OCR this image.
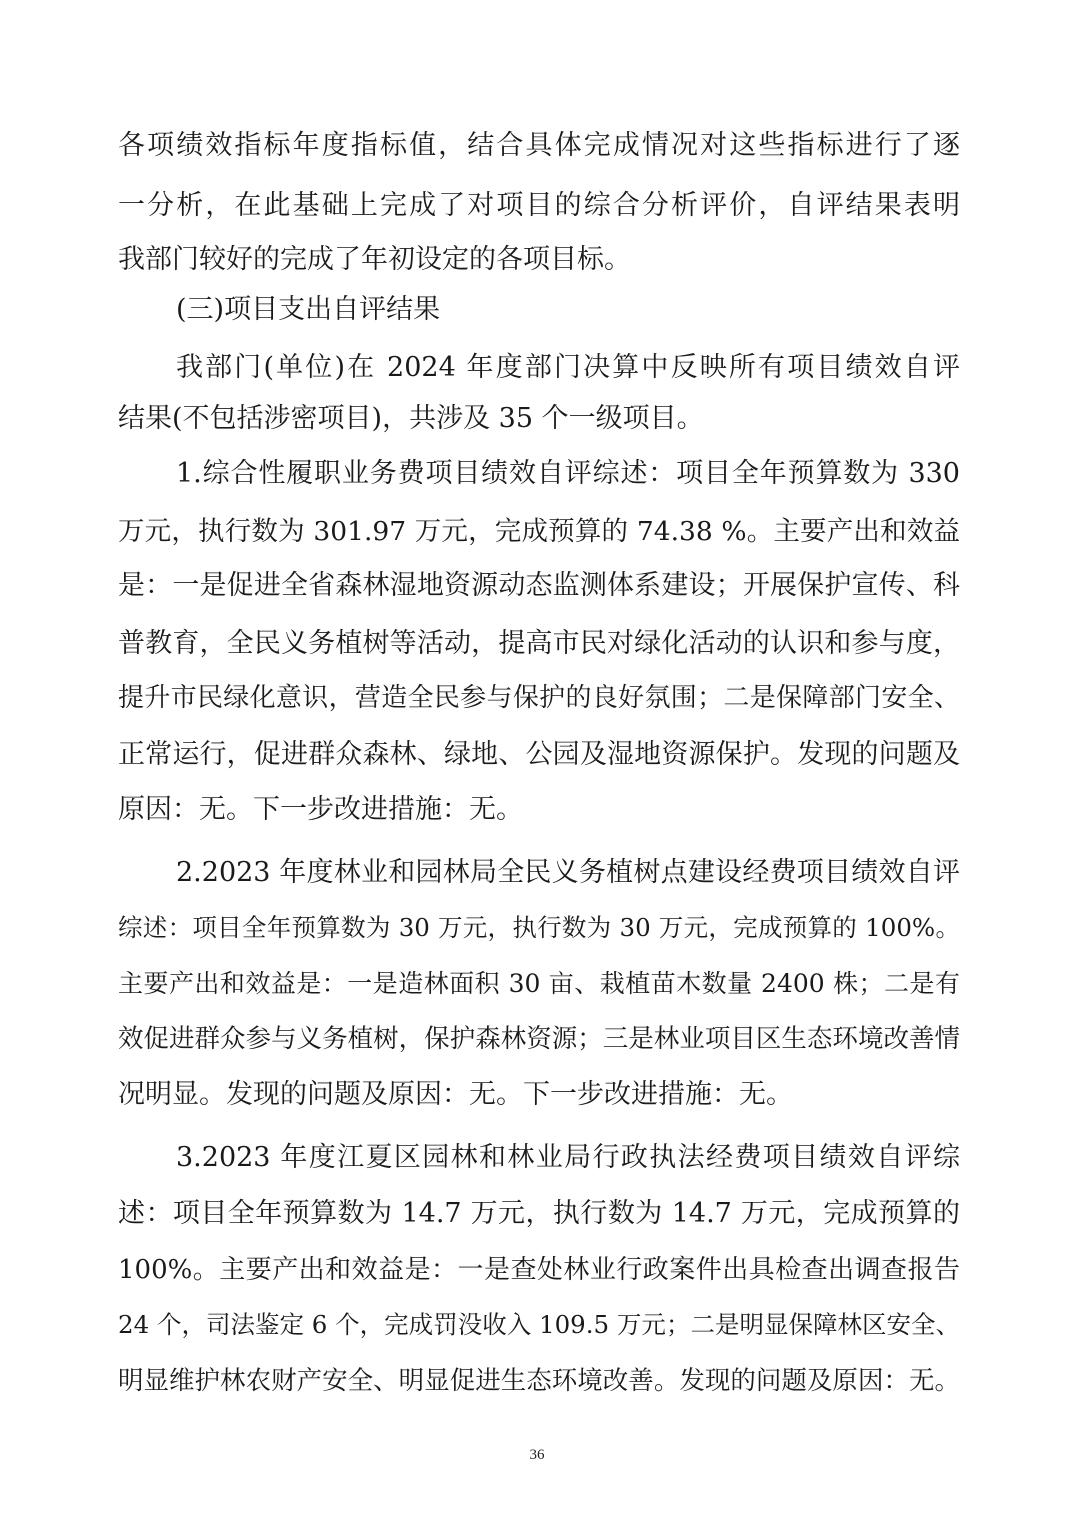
各项绩效指标年度指标值，结合具体完成情况对这些指标进行了逐
一分析，在此基础上完成了对项目的综合分析评价，自评结果表明
我部门较好的完成了年初设定的各项目标。
(三)项目支出自评结果
我部门(单位)在 2024 年度部门决算中反映所有项目绩效自评
结果(不包括涉密项目)，共涉及 35 个一级项目。
1.综合性履职业务费项目绩效自评综述：项目全年预算数为 330
万元，执行数为 301.97 万元，完成预算的 74.38 %。主要产出和效益
是：一是促进全省森林湿地资源动态监测体系建设；开展保护宣传、科
普教育，全民义务植树等活动，提高市民对绿化活动的认识和参与度，
提升市民绿化意识，营造全民参与保护的良好氛围；二是保障部门安全、
正常运行，促进群众森林、绿地、公园及湿地资源保护。发现的问题及
原因：无。下一步改进措施：无。
2.2023 年度林业和园林局全民义务植树点建设经费项目绩效自评
综述：项目全年预算数为 30 万元，执行数为 30 万元，完成预算的 100%。
主要产出和效益是：一是造林面积 30 亩、栽植苗木数量 2400 株；二是有
效促进群众参与义务植树，保护森林资源；三是林业项目区生态环境改善情
况明显。发现的问题及原因：无。下一步改进措施：无。
3.2023 年度江夏区园林和林业局行政执法经费项目绩效自评综
述：项目全年预算数为 14.7 万元，执行数为 14.7 万元，完成预算的
100%。主要产出和效益是：一是查处林业行政案件出具检查出调查报告
24 个，司法鉴定 6 个，完成罚没收入 109.5 万元；二是明显保障林区安全、
明显维护林农财产安全、明显促进生态环境改善。发现的问题及原因：无。
36
